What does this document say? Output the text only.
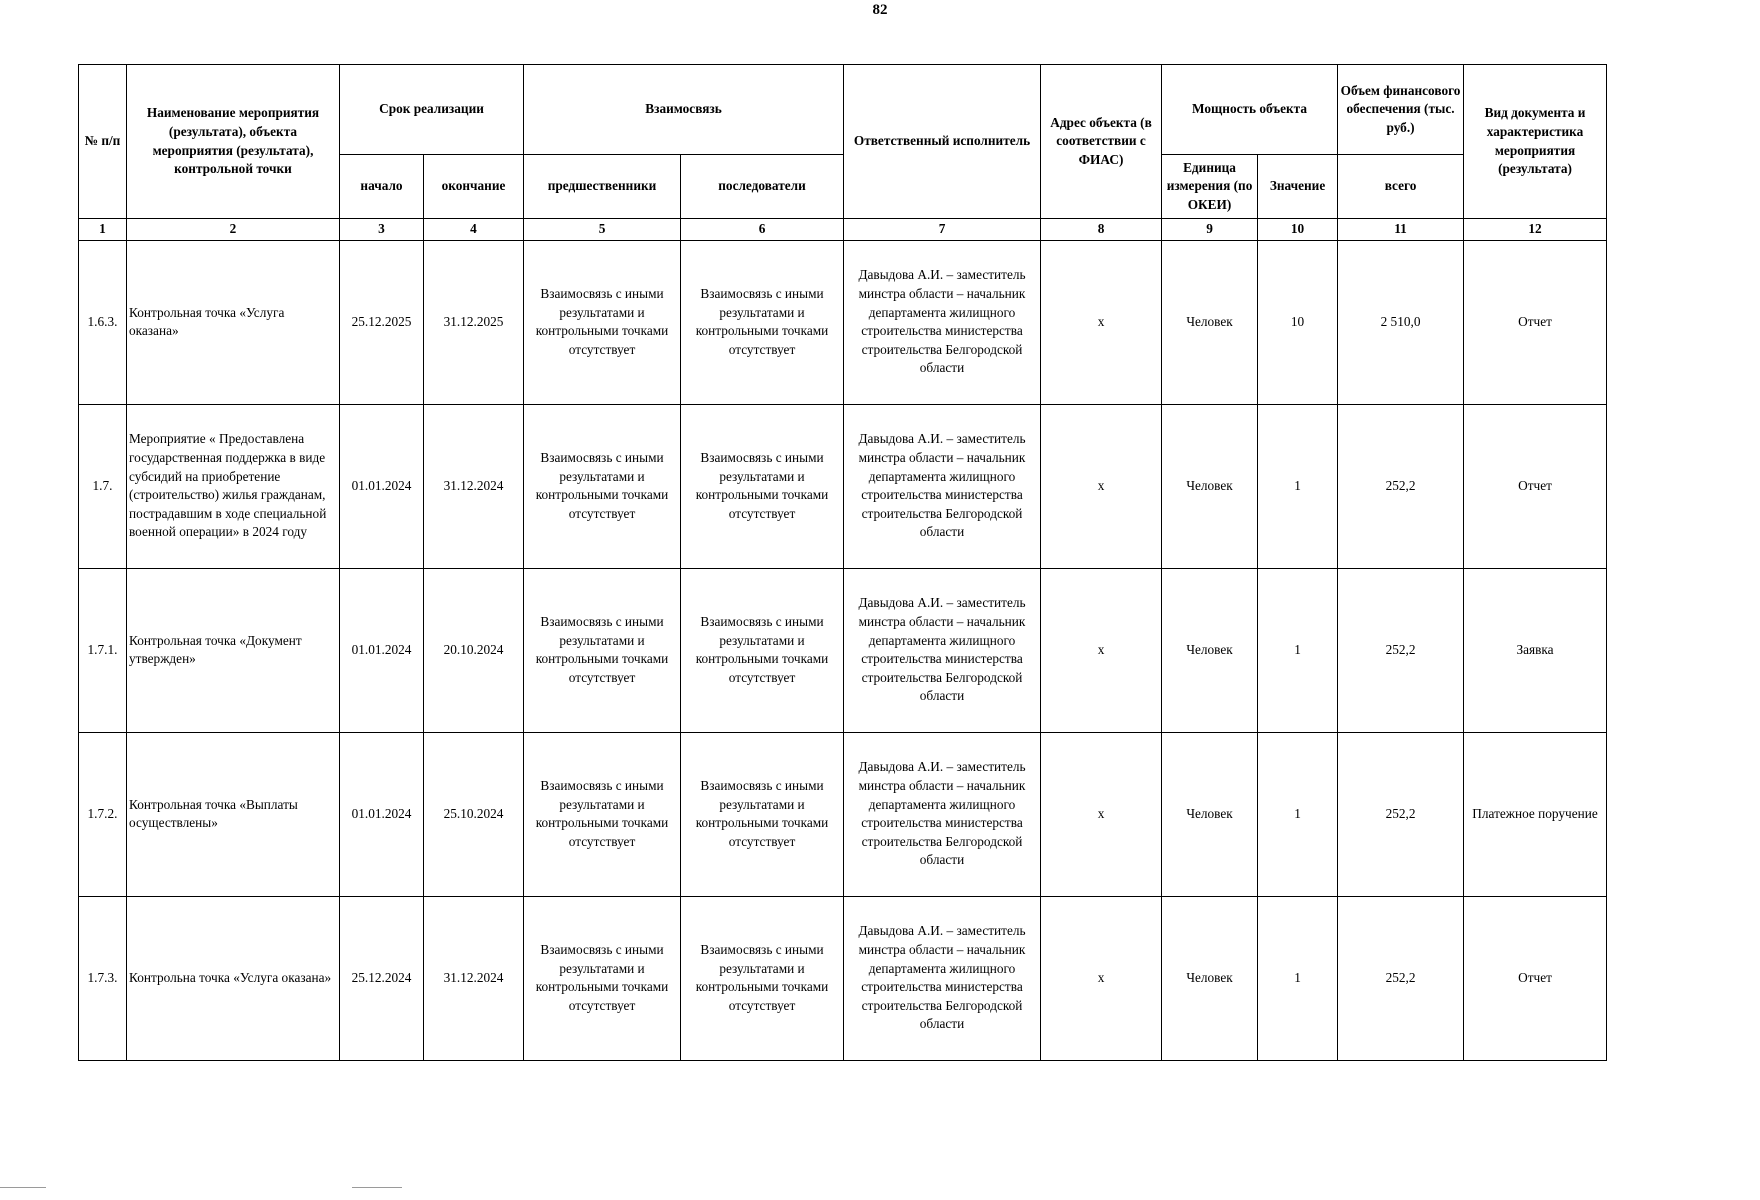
82
№ п/п	Наименование мероприятия (результата), объекта мероприятия (результата), контрольной точки	Срок реализации		Взаимосвязь		Ответственный исполнитель	Адрес объекта (в соответствии с ФИАС)	Мощность объекта		Объем финансового обеспечения (тыс. руб.)	Вид документа и характеристика мероприятия (результата)
		начало	окончание	предшественники	последователи			Единица измерения (по ОКЕИ)	Значение	всего	
1	2	3	4	5	6	7	8	9	10	11	12
1.6.3.	Контрольная точка «Услуга оказана»	25.12.2025	31.12.2025	Взаимосвязь с иными результатами и контрольными точками отсутствует	Взаимосвязь с иными результатами и контрольными точками отсутствует	Давыдова А.И. – заместитель минстра области – начальник департамента жилищного строительства министерства строительства Белгородской области	х	Человек	10	2 510,0	Отчет
1.7.	Мероприятие « Предоставлена государственная поддержка в виде субсидий на приобретение (строительство) жилья гражданам, пострадавшим в ходе специальной военной операции» в 2024 году	01.01.2024	31.12.2024	Взаимосвязь с иными результатами и контрольными точками отсутствует	Взаимосвязь с иными результатами и контрольными точками отсутствует	Давыдова А.И. – заместитель минстра области – начальник департамента жилищного строительства министерства строительства Белгородской области	х	Человек	1	252,2	Отчет
1.7.1.	Контрольная точка «Документ утвержден»	01.01.2024	20.10.2024	Взаимосвязь с иными результатами и контрольными точками отсутствует	Взаимосвязь с иными результатами и контрольными точками отсутствует	Давыдова А.И. – заместитель минстра области – начальник департамента жилищного строительства министерства строительства Белгородской области	х	Человек	1	252,2	Заявка
1.7.2.	Контрольная точка «Выплаты осуществлены»	01.01.2024	25.10.2024	Взаимосвязь с иными результатами и контрольными точками отсутствует	Взаимосвязь с иными результатами и контрольными точками отсутствует	Давыдова А.И. – заместитель минстра области – начальник департамента жилищного строительства министерства строительства Белгородской области	х	Человек	1	252,2	Платежное поручение
1.7.3.	Контрольна точка «Услуга оказана»	25.12.2024	31.12.2024	Взаимосвязь с иными результатами и контрольными точками отсутствует	Взаимосвязь с иными результатами и контрольными точками отсутствует	Давыдова А.И. – заместитель минстра области – начальник департамента жилищного строительства министерства строительства Белгородской области	х	Человек	1	252,2	Отчет
